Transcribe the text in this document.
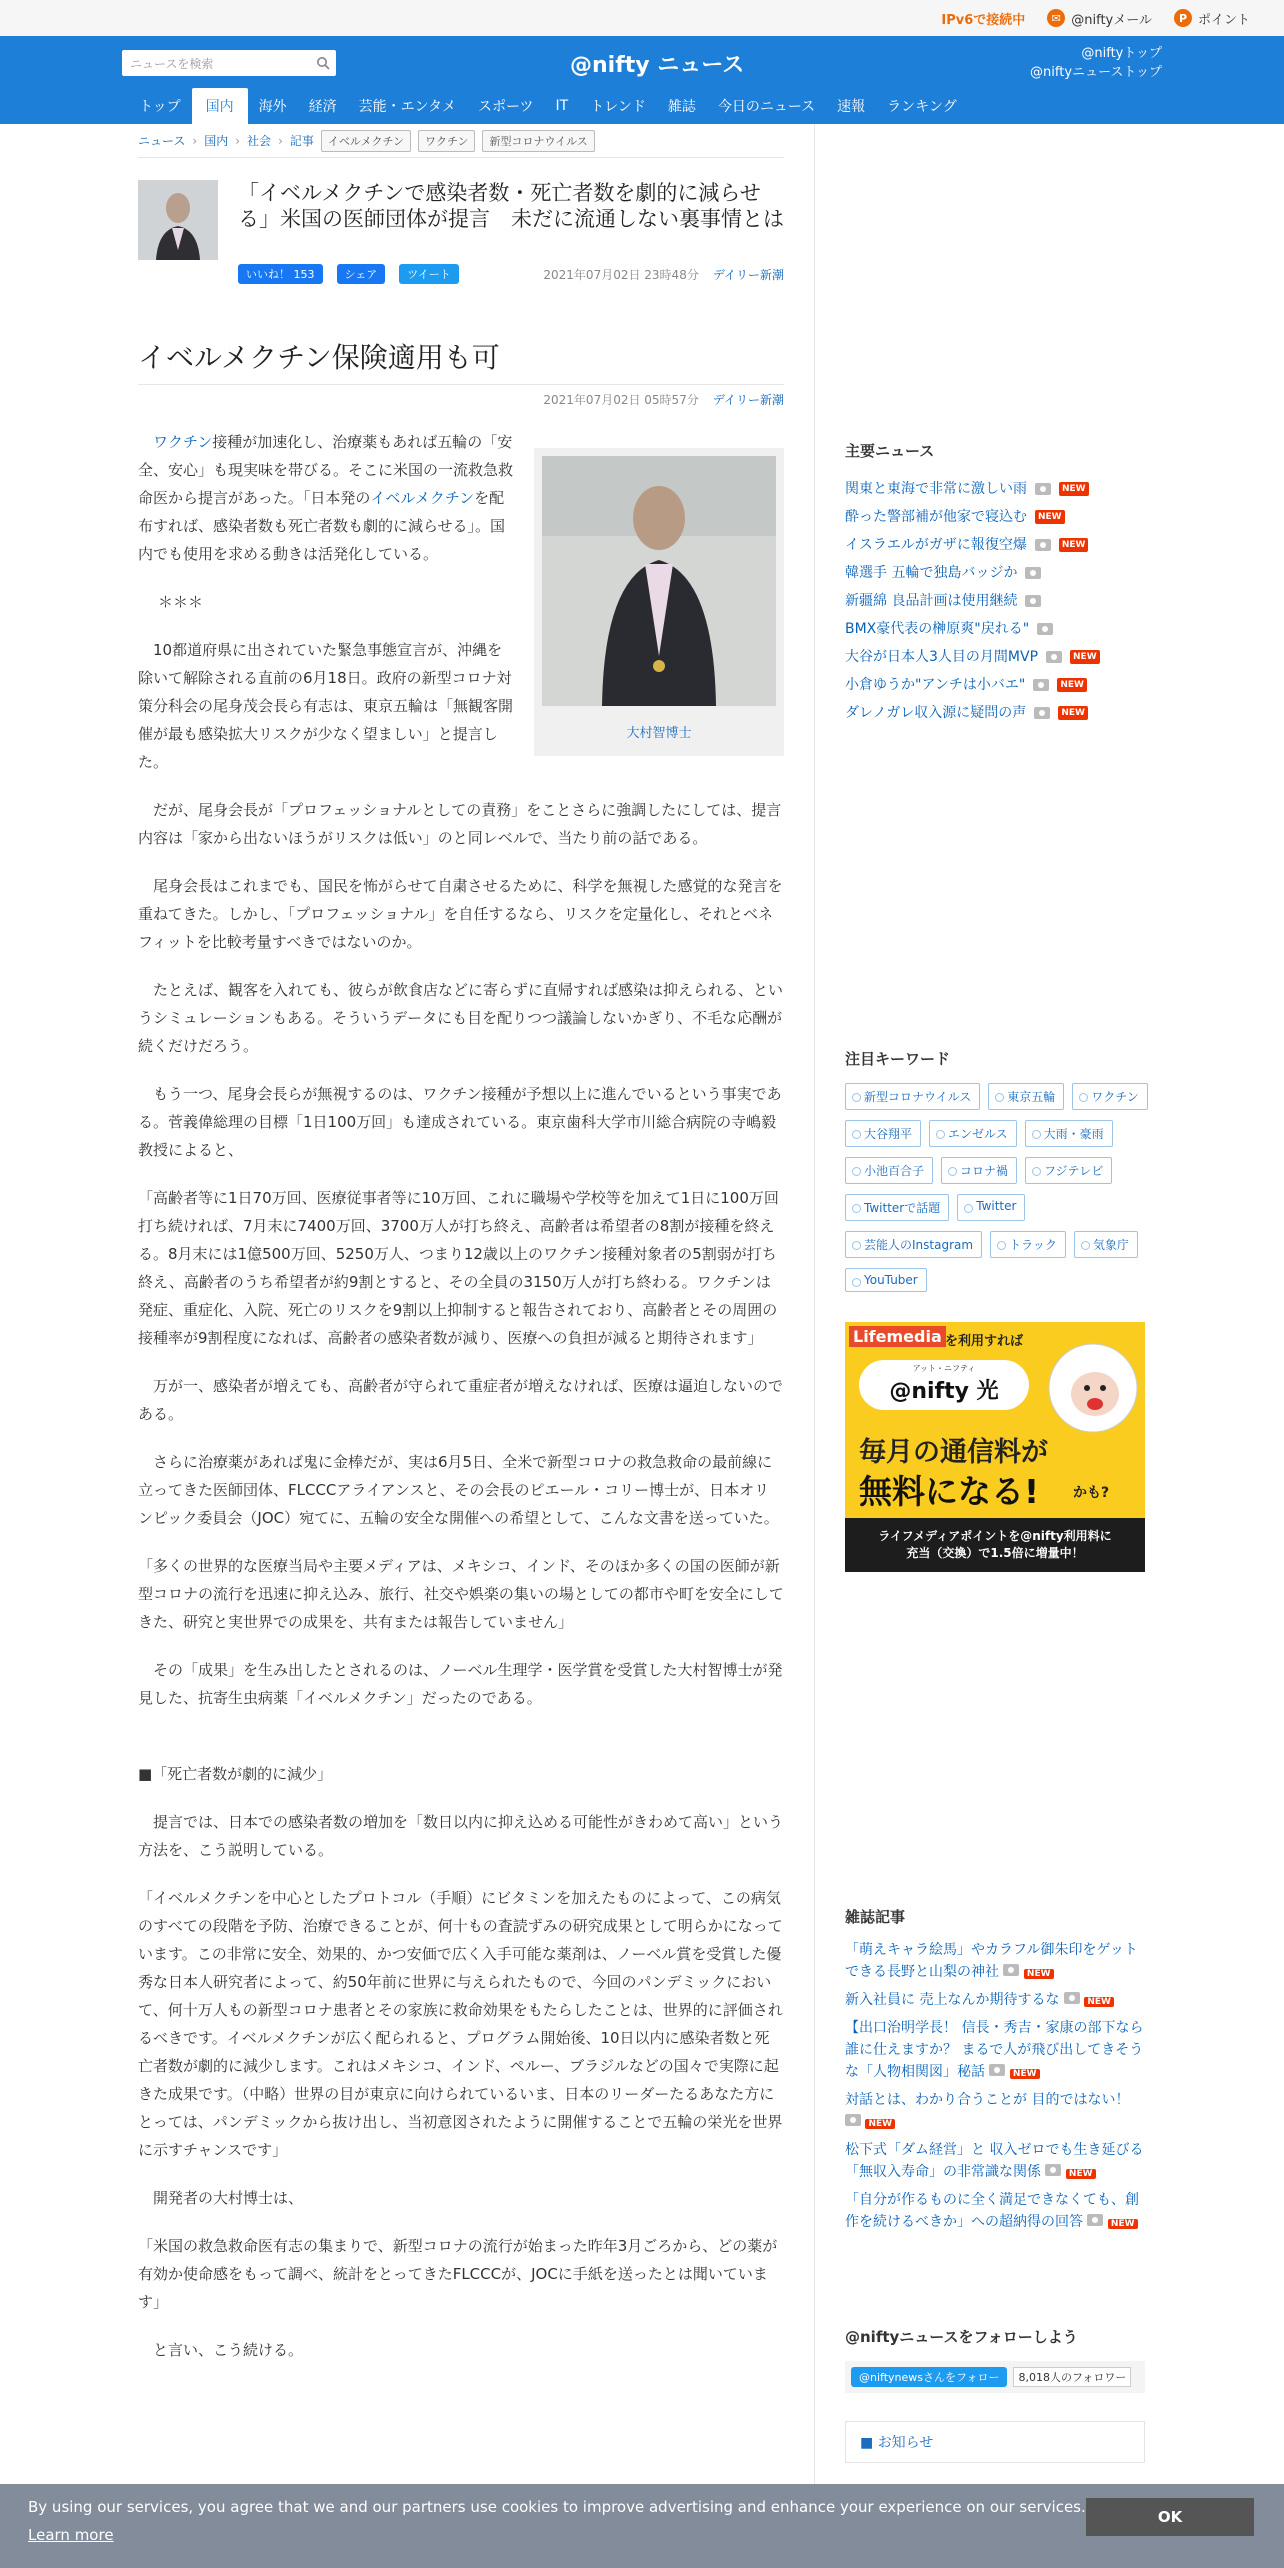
IPv6で接続中	✉ @niftyメール	P ポイント
ニュースを検索	@nifty ニュース	@niftyトップ
@niftyニューストップ
トップ	国内	海外	経済	芸能・エンタメ	スポーツ	IT	トレンド	雑誌	今日のニュース	速報	ランキング
ニュース › 国内 › 社会 › 記事	イベルメクチン	ワクチン	新型コロナウイルス
「イベルメクチンで感染者数・死亡者数を劇的に減らせる」米国の医師団体が提言　未だに流通しない裏事情とは
いいね！ 153	シェア	ツイート	2021年07月02日 23時48分 デイリー新潮
イベルメクチン保険適用も可
2021年07月02日 05時57分 デイリー新潮
大村智博士

　ワクチン接種が加速化し、治療薬もあれば五輪の「安全、安心」も現実味を帯びる。そこに米国の一流救急救命医から提言があった。「日本発のイベルメクチンを配布すれば、感染者数も死亡者数も劇的に減らせる」。国内でも使用を求める動きは活発化している。

＊＊＊

10都道府県に出されていた緊急事態宣言が、沖縄を除いて解除される直前の6月18日。政府の新型コロナ対策分科会の尾身茂会長ら有志は、東京五輪は「無観客開催が最も感染拡大リスクが少なく望ましい」と提言した。

だが、尾身会長が「プロフェッショナルとしての責務」をことさらに強調したにしては、提言内容は「家から出ないほうがリスクは低い」のと同レベルで、当たり前の話である。

尾身会長はこれまでも、国民を怖がらせて自粛させるために、科学を無視した感覚的な発言を重ねてきた。しかし、「プロフェッショナル」を自任するなら、リスクを定量化し、それとベネフィットを比較考量すべきではないのか。

たとえば、観客を入れても、彼らが飲食店などに寄らずに直帰すれば感染は抑えられる、というシミュレーションもある。そういうデータにも目を配りつつ議論しないかぎり、不毛な応酬が続くだけだろう。

もう一つ、尾身会長らが無視するのは、ワクチン接種が予想以上に進んでいるという事実である。菅義偉総理の目標「1日100万回」も達成されている。東京歯科大学市川総合病院の寺嶋毅教授によると、

「高齢者等に1日70万回、医療従事者等に10万回、これに職場や学校等を加えて1日に100万回打ち続ければ、7月末に7400万回、3700万人が打ち終え、高齢者は希望者の8割が接種を終える。8月末には1億500万回、5250万人、つまり12歳以上のワクチン接種対象者の5割弱が打ち終え、高齢者のうち希望者が約9割とすると、その全員の3150万人が打ち終わる。ワクチンは発症、重症化、入院、死亡のリスクを9割以上抑制すると報告されており、高齢者とその周囲の接種率が9割程度になれば、高齢者の感染者数が減り、医療への負担が減ると期待されます」

万が一、感染者が増えても、高齢者が守られて重症者が増えなければ、医療は逼迫しないのである。

さらに治療薬があれば鬼に金棒だが、実は6月5日、全米で新型コロナの救急救命の最前線に立ってきた医師団体、FLCCCアライアンスと、その会長のピエール・コリー博士が、日本オリンピック委員会（JOC）宛てに、五輪の安全な開催への希望として、こんな文書を送っていた。

「多くの世界的な医療当局や主要メディアは、メキシコ、インド、そのほか多くの国の医師が新型コロナの流行を迅速に抑え込み、旅行、社交や娯楽の集いの場としての都市や町を安全にしてきた、研究と実世界での成果を、共有または報告していません」

その「成果」を生み出したとされるのは、ノーベル生理学・医学賞を受賞した大村智博士が発見した、抗寄生虫病薬「イベルメクチン」だったのである。

■「死亡者数が劇的に減少」

提言では、日本での感染者数の増加を「数日以内に抑え込める可能性がきわめて高い」という方法を、こう説明している。

「イベルメクチンを中心としたプロトコル（手順）にビタミンを加えたものによって、この病気のすべての段階を予防、治療できることが、何十もの査読ずみの研究成果として明らかになっています。この非常に安全、効果的、かつ安価で広く入手可能な薬剤は、ノーベル賞を受賞した優秀な日本人研究者によって、約50年前に世界に与えられたもので、今回のパンデミックにおいて、何十万人もの新型コロナ患者とその家族に救命効果をもたらしたことは、世界的に評価されるべきです。イベルメクチンが広く配られると、プログラム開始後、10日以内に感染者数と死亡者数が劇的に減少します。これはメキシコ、インド、ペルー、ブラジルなどの国々で実際に起きた成果です。（中略）世界の目が東京に向けられているいま、日本のリーダーたるあなた方にとっては、パンデミックから抜け出し、当初意図されたように開催することで五輪の栄光を世界に示すチャンスです」

開発者の大村博士は、

「米国の救急救命医有志の集まりで、新型コロナの流行が始まった昨年3月ごろから、どの薬が有効か使命感をもって調べ、統計をとってきたFLCCCが、JOCに手紙を送ったとは聞いています」

と言い、こう続ける。

主要ニュース
関東と東海で非常に激しい雨	NEW
酔った警部補が他家で寝込む	NEW
イスラエルがガザに報復空爆	NEW
韓選手 五輪で独島バッジか
新疆綿 良品計画は使用継続
BMX豪代表の榊原爽"戻れる"
大谷が日本人3人目の月間MVP	NEW
小倉ゆうか"アンチは小バエ"	NEW
ダレノガレ収入源に疑問の声	NEW
注目キーワード
新型コロナウイルス	東京五輪	ワクチン
大谷翔平	エンゼルス	大雨・豪雨
小池百合子	コロナ禍	フジテレビ
Twitterで話題	Twitter
芸能人のInstagram	トラック	気象庁
YouTuber
Lifemedia を利用すれば
アット・ニフティ
@nifty 光
毎月の通信料が
無料になる! かも?
ライフメディアポイントを@nifty利用料に
充当（交換）で1.5倍に増量中！
雑誌記事
「萌えキャラ絵馬」やカラフル御朱印をゲットできる長野と山梨の神社	NEW
新入社員に 売上なんか期待するな	NEW
【出口治明学長！ 信長・秀吉・家康の部下なら 誰に仕えますか？ まるで人が飛び出してきそうな「人物相関図」秘話	NEW
対話とは、わかり合うことが 目的ではない！  NEW
松下式「ダム経営」と 収入ゼロでも生き延びる「無収入寿命」の非常識な関係	NEW
「自分が作るものに全く満足できなくても、創作を続けるべきか」への超納得の回答	NEW
@niftyニュースをフォローしよう
@niftynewsさんをフォロー	8,018人のフォロワー
■ お知らせ
By using our services, you agree that we and our partners use cookies to improve advertising and enhance your experience on our services.
Learn more
OK
